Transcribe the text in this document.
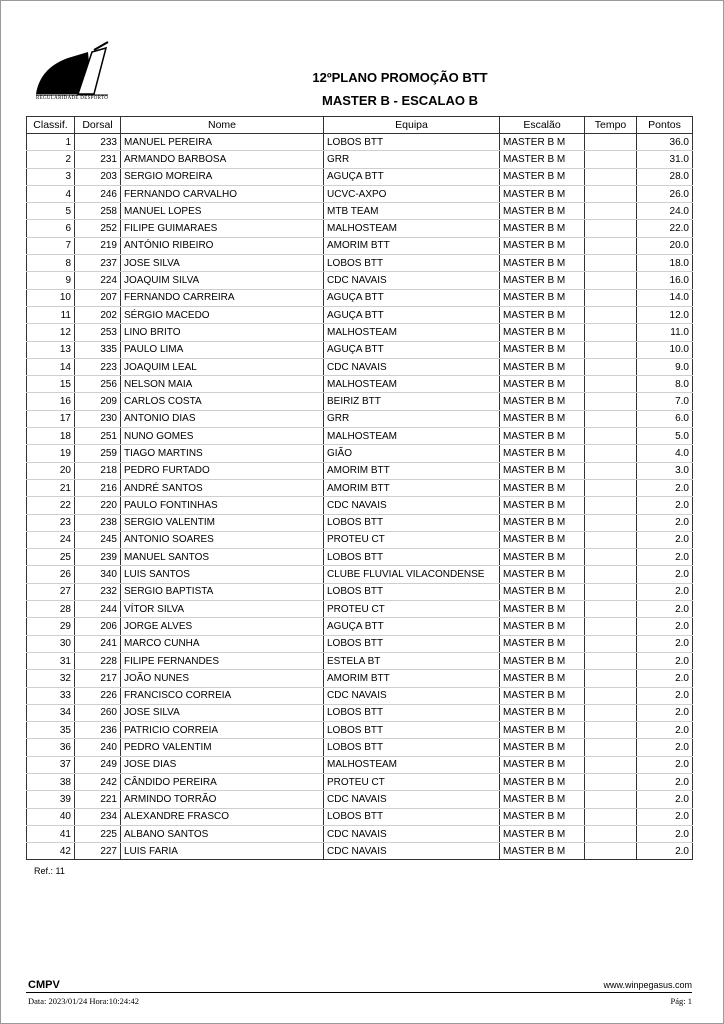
REGULARIDADE DESPORTO
12ºPLANO PROMOÇÃO BTT
MASTER B - ESCALAO B
Classif.	Dorsal	Nome	Equipa	Escalão	Tempo	Pontos
1	233	MANUEL PEREIRA	LOBOS BTT	MASTER B M		36.0
2	231	ARMANDO BARBOSA	GRR	MASTER B M		31.0
3	203	SERGIO MOREIRA	AGUÇA BTT	MASTER B M		28.0
4	246	FERNANDO CARVALHO	UCVC-AXPO	MASTER B M		26.0
5	258	MANUEL LOPES	MTB TEAM	MASTER B M		24.0
6	252	FILIPE GUIMARAES	MALHOSTEAM	MASTER B M		22.0
7	219	ANTÓNIO RIBEIRO	AMORIM BTT	MASTER B M		20.0
8	237	JOSE SILVA	LOBOS BTT	MASTER B M		18.0
9	224	JOAQUIM SILVA	CDC NAVAIS	MASTER B M		16.0
10	207	FERNANDO CARREIRA	AGUÇA BTT	MASTER B M		14.0
11	202	SÉRGIO MACEDO	AGUÇA BTT	MASTER B M		12.0
12	253	LINO BRITO	MALHOSTEAM	MASTER B M		11.0
13	335	PAULO LIMA	AGUÇA BTT	MASTER B M		10.0
14	223	JOAQUIM LEAL	CDC NAVAIS	MASTER B M		9.0
15	256	NELSON MAIA	MALHOSTEAM	MASTER B M		8.0
16	209	CARLOS COSTA	BEIRIZ BTT	MASTER B M		7.0
17	230	ANTONIO DIAS	GRR	MASTER B M		6.0
18	251	NUNO GOMES	MALHOSTEAM	MASTER B M		5.0
19	259	TIAGO MARTINS	GIÃO	MASTER B M		4.0
20	218	PEDRO FURTADO	AMORIM BTT	MASTER B M		3.0
21	216	ANDRÉ SANTOS	AMORIM BTT	MASTER B M		2.0
22	220	PAULO FONTINHAS	CDC NAVAIS	MASTER B M		2.0
23	238	SERGIO VALENTIM	LOBOS BTT	MASTER B M		2.0
24	245	ANTONIO SOARES	PROTEU CT	MASTER B M		2.0
25	239	MANUEL SANTOS	LOBOS BTT	MASTER B M		2.0
26	340	LUIS SANTOS	CLUBE FLUVIAL VILACONDENSE	MASTER B M		2.0
27	232	SERGIO BAPTISTA	LOBOS BTT	MASTER B M		2.0
28	244	VÍTOR SILVA	PROTEU CT	MASTER B M		2.0
29	206	JORGE ALVES	AGUÇA BTT	MASTER B M		2.0
30	241	MARCO CUNHA	LOBOS BTT	MASTER B M		2.0
31	228	FILIPE FERNANDES	ESTELA BT	MASTER B M		2.0
32	217	JOÃO NUNES	AMORIM BTT	MASTER B M		2.0
33	226	FRANCISCO CORREIA	CDC NAVAIS	MASTER B M		2.0
34	260	JOSE SILVA	LOBOS BTT	MASTER B M		2.0
35	236	PATRICIO CORREIA	LOBOS BTT	MASTER B M		2.0
36	240	PEDRO VALENTIM	LOBOS BTT	MASTER B M		2.0
37	249	JOSE DIAS	MALHOSTEAM	MASTER B M		2.0
38	242	CÂNDIDO PEREIRA	PROTEU CT	MASTER B M		2.0
39	221	ARMINDO TORRÃO	CDC NAVAIS	MASTER B M		2.0
40	234	ALEXANDRE FRASCO	LOBOS BTT	MASTER B M		2.0
41	225	ALBANO SANTOS	CDC NAVAIS	MASTER B M		2.0
42	227	LUIS FARIA	CDC NAVAIS	MASTER B M		2.0
Ref.: 11
CMPV	www.winpegasus.com
Data: 2023/01/24 Hora:10:24:42	Pág: 1
